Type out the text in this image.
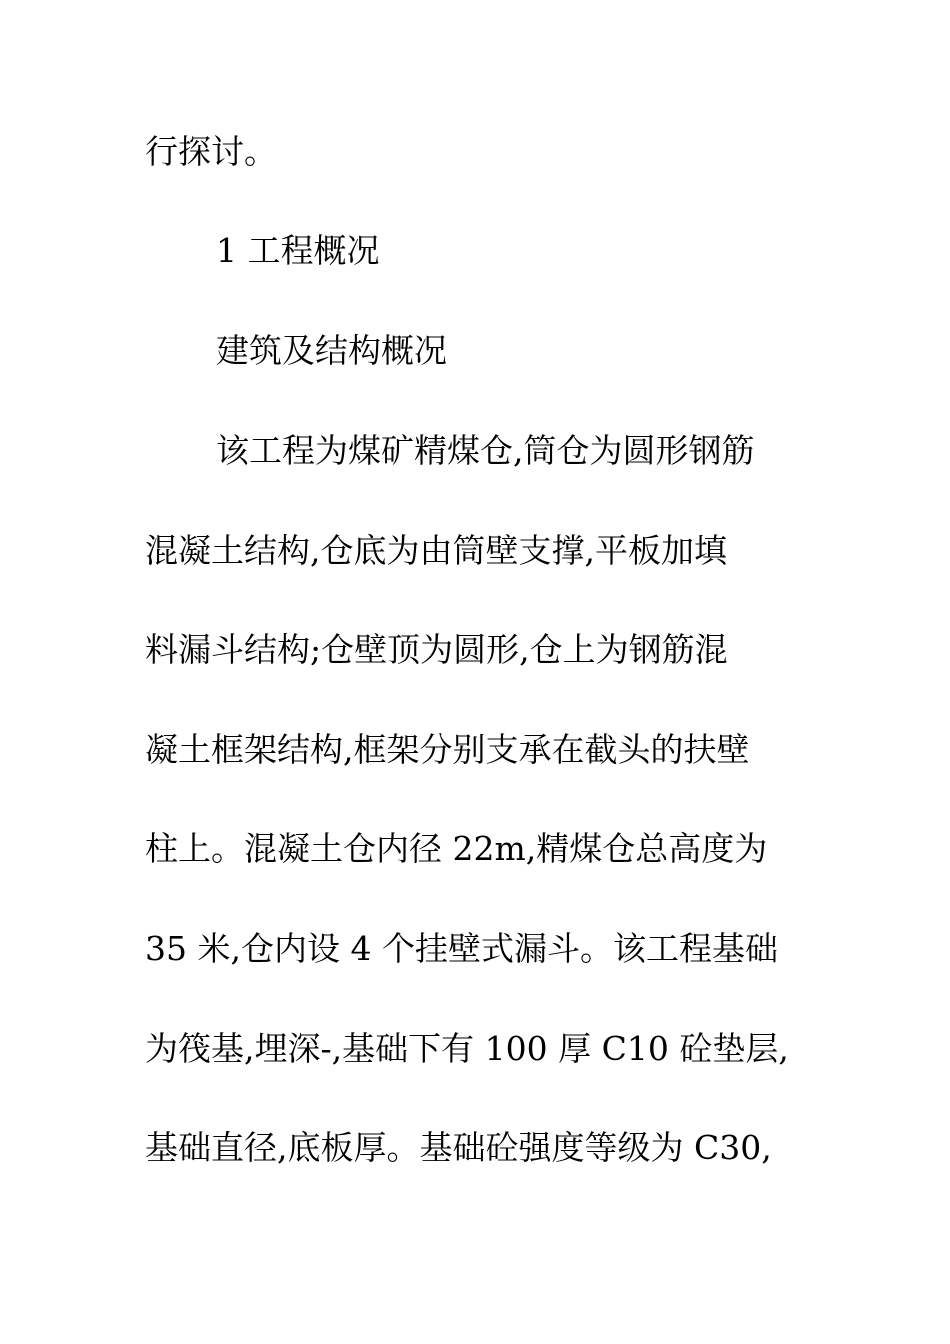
行探讨。
1 工程概况
建筑及结构概况
该工程为煤矿精煤仓,筒仓为圆形钢筋
混凝土结构,仓底为由筒壁支撑,平板加填
料漏斗结构;仓壁顶为圆形,仓上为钢筋混
凝土框架结构,框架分别支承在截头的扶壁
柱上。混凝土仓内径 22m,精煤仓总高度为
35 米,仓内设 4 个挂壁式漏斗。该工程基础
为筏基,埋深-,基础下有 100 厚 C10 砼垫层,
基础直径,底板厚。基础砼强度等级为 C30,
